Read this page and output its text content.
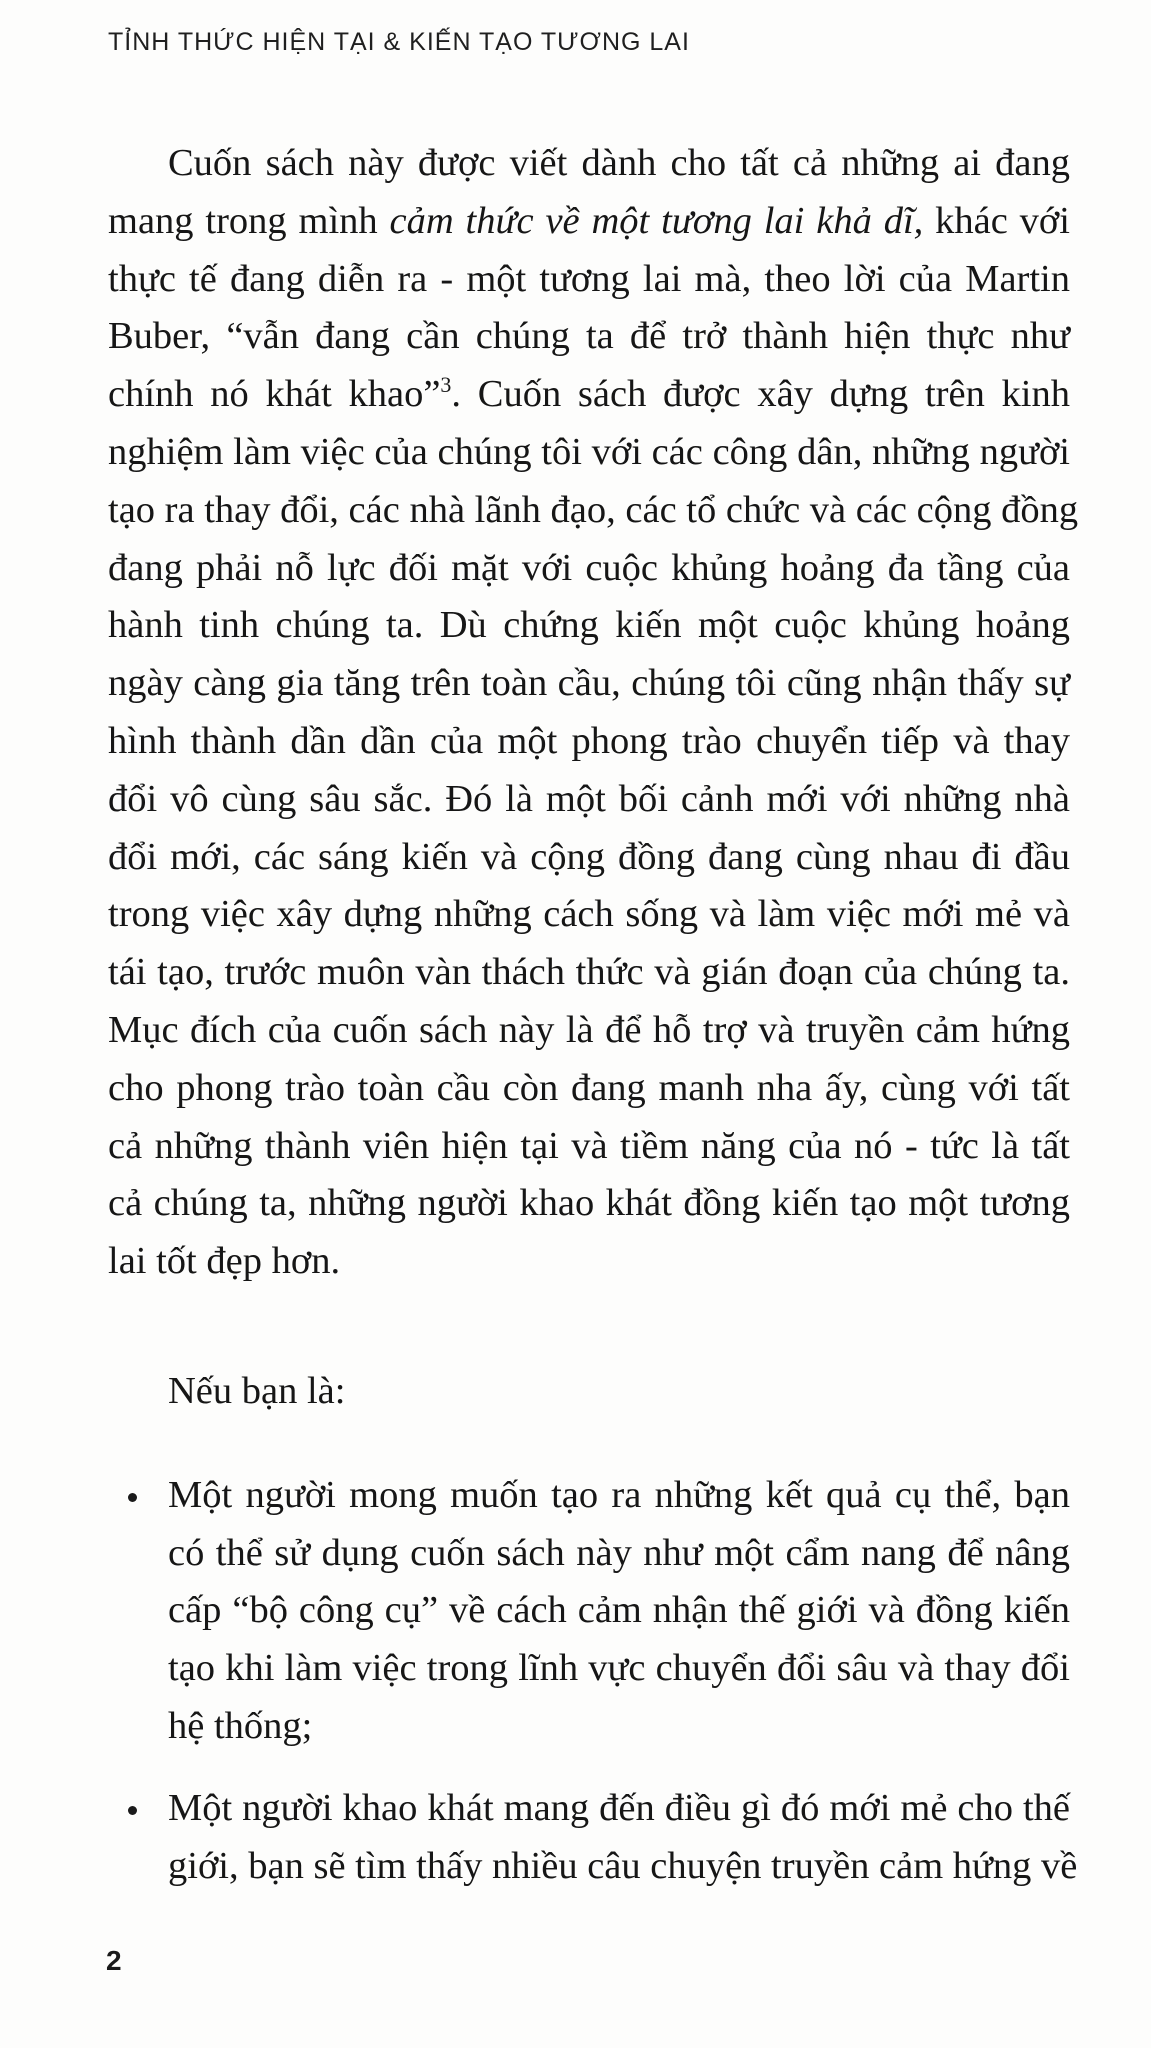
TỈNH THỨC HIỆN TẠI & KIẾN TẠO TƯƠNG LAI
Cuốn sách này được viết dành cho tất cả những ai đang
mang trong mình cảm thức về một tương lai khả dĩ, khác với
thực tế đang diễn ra - một tương lai mà, theo lời của Martin
Buber, “vẫn đang cần chúng ta để trở thành hiện thực như
chính nó khát khao”$^3$. Cuốn sách được xây dựng trên kinh
nghiệm làm việc của chúng tôi với các công dân, những người
tạo ra thay đổi, các nhà lãnh đạo, các tổ chức và các cộng đồng
đang phải nỗ lực đối mặt với cuộc khủng hoảng đa tầng của
hành tinh chúng ta. Dù chứng kiến một cuộc khủng hoảng
ngày càng gia tăng trên toàn cầu, chúng tôi cũng nhận thấy sự
hình thành dần dần của một phong trào chuyển tiếp và thay
đổi vô cùng sâu sắc. Đó là một bối cảnh mới với những nhà
đổi mới, các sáng kiến và cộng đồng đang cùng nhau đi đầu
trong việc xây dựng những cách sống và làm việc mới mẻ và
tái tạo, trước muôn vàn thách thức và gián đoạn của chúng ta.
Mục đích của cuốn sách này là để hỗ trợ và truyền cảm hứng
cho phong trào toàn cầu còn đang manh nha ấy, cùng với tất
cả những thành viên hiện tại và tiềm năng của nó - tức là tất
cả chúng ta, những người khao khát đồng kiến tạo một tương
lai tốt đẹp hơn.
Nếu bạn là:
Một người mong muốn tạo ra những kết quả cụ thể, bạn
có thể sử dụng cuốn sách này như một cẩm nang để nâng
cấp “bộ công cụ” về cách cảm nhận thế giới và đồng kiến
tạo khi làm việc trong lĩnh vực chuyển đổi sâu và thay đổi
hệ thống;
Một người khao khát mang đến điều gì đó mới mẻ cho thế
giới, bạn sẽ tìm thấy nhiều câu chuyện truyền cảm hứng về
2
